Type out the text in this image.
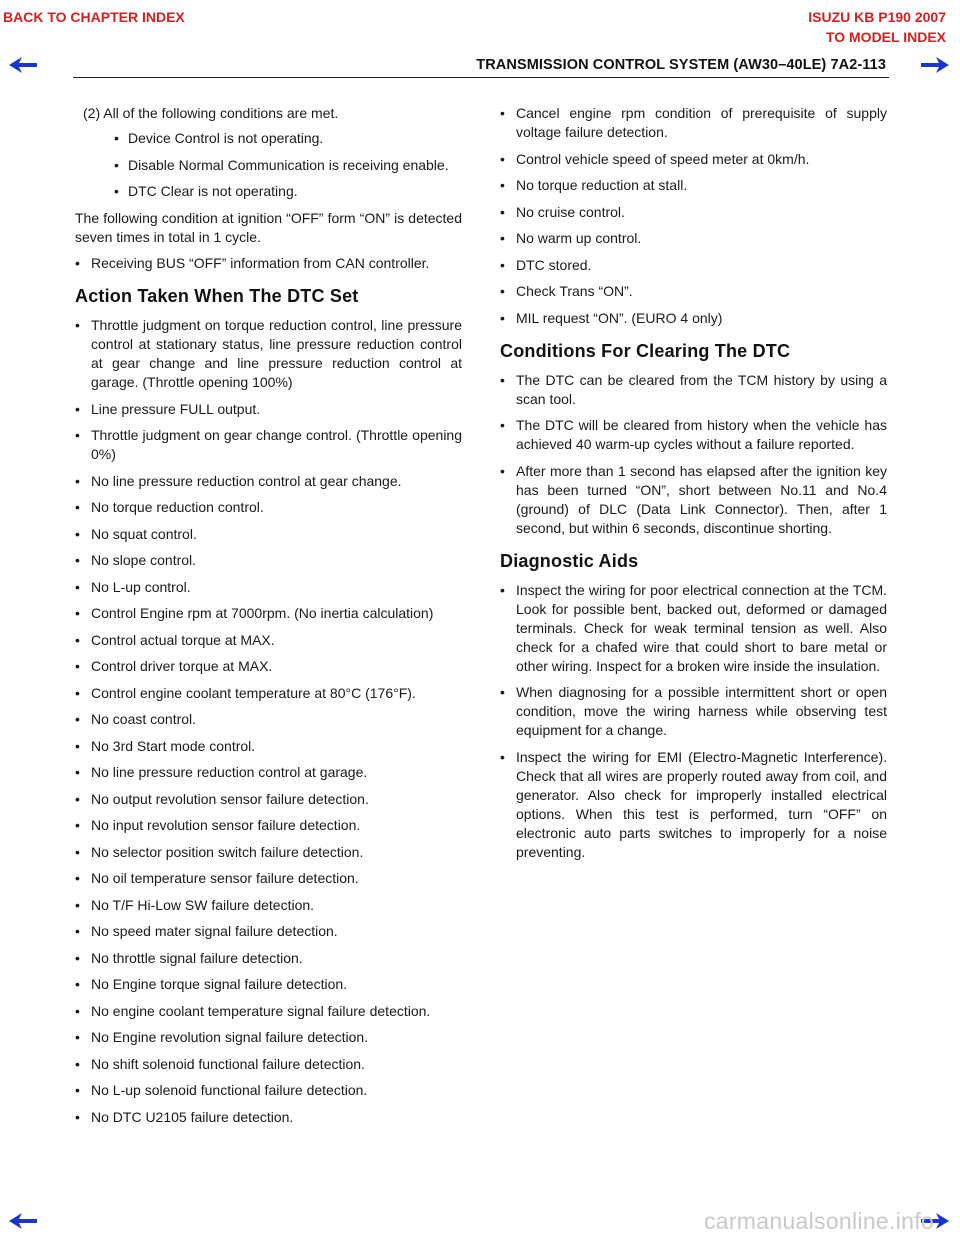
BACK TO CHAPTER INDEX	ISUZU KB P190 2007
TO MODEL INDEX
TRANSMISSION CONTROL SYSTEM (AW30–40LE) 7A2-113

(2) All of the following conditions are met.

• Device Control is not operating.
• Disable Normal Communication is receiving enable.
• DTC Clear is not operating.

The following condition at ignition “OFF” form “ON” is detected seven times in total in 1 cycle.

• Receiving BUS “OFF” information from CAN controller.
Action Taken When The DTC Set
• Throttle judgment on torque reduction control, line pressure control at stationary status, line pressure reduction control at gear change and line pressure reduction control at garage. (Throttle opening 100%)
• Line pressure FULL output.
• Throttle judgment on gear change control. (Throttle opening 0%)
• No line pressure reduction control at gear change.
• No torque reduction control.
• No squat control.
• No slope control.
• No L-up control.
• Control Engine rpm at 7000rpm. (No inertia calculation)
• Control actual torque at MAX.
• Control driver torque at MAX.
• Control engine coolant temperature at 80°C (176°F).
• No coast control.
• No 3rd Start mode control.
• No line pressure reduction control at garage.
• No output revolution sensor failure detection.
• No input revolution sensor failure detection.
• No selector position switch failure detection.
• No oil temperature sensor failure detection.
• No T/F Hi-Low SW failure detection.
• No speed mater signal failure detection.
• No throttle signal failure detection.
• No Engine torque signal failure detection.
• No engine coolant temperature signal failure detection.
• No Engine revolution signal failure detection.
• No shift solenoid functional failure detection.
• No L-up solenoid functional failure detection.
• No DTC U2105 failure detection.
• Cancel engine rpm condition of prerequisite of supply voltage failure detection.
• Control vehicle speed of speed meter at 0km/h.
• No torque reduction at stall.
• No cruise control.
• No warm up control.
• DTC stored.
• Check Trans “ON”.
• MIL request “ON”. (EURO 4 only)
Conditions For Clearing The DTC
• The DTC can be cleared from the TCM history by using a scan tool.
• The DTC will be cleared from history when the vehicle has achieved 40 warm-up cycles without a failure reported.
• After more than 1 second has elapsed after the ignition key has been turned “ON”, short between No.11 and No.4 (ground) of DLC (Data Link Connector). Then, after 1 second, but within 6 seconds, discontinue shorting.
Diagnostic Aids
• Inspect the wiring for poor electrical connection at the TCM. Look for possible bent, backed out, deformed or damaged terminals. Check for weak terminal tension as well. Also check for a chafed wire that could short to bare metal or other wiring. Inspect for a broken wire inside the insulation.
• When diagnosing for a possible intermittent short or open condition, move the wiring harness while observing test equipment for a change.
• Inspect the wiring for EMI (Electro-Magnetic Interference). Check that all wires are properly routed away from coil, and generator. Also check for improperly installed electrical options. When this test is performed, turn “OFF” on electronic auto parts switches to improperly for a noise preventing.
carmanualsonline.info
